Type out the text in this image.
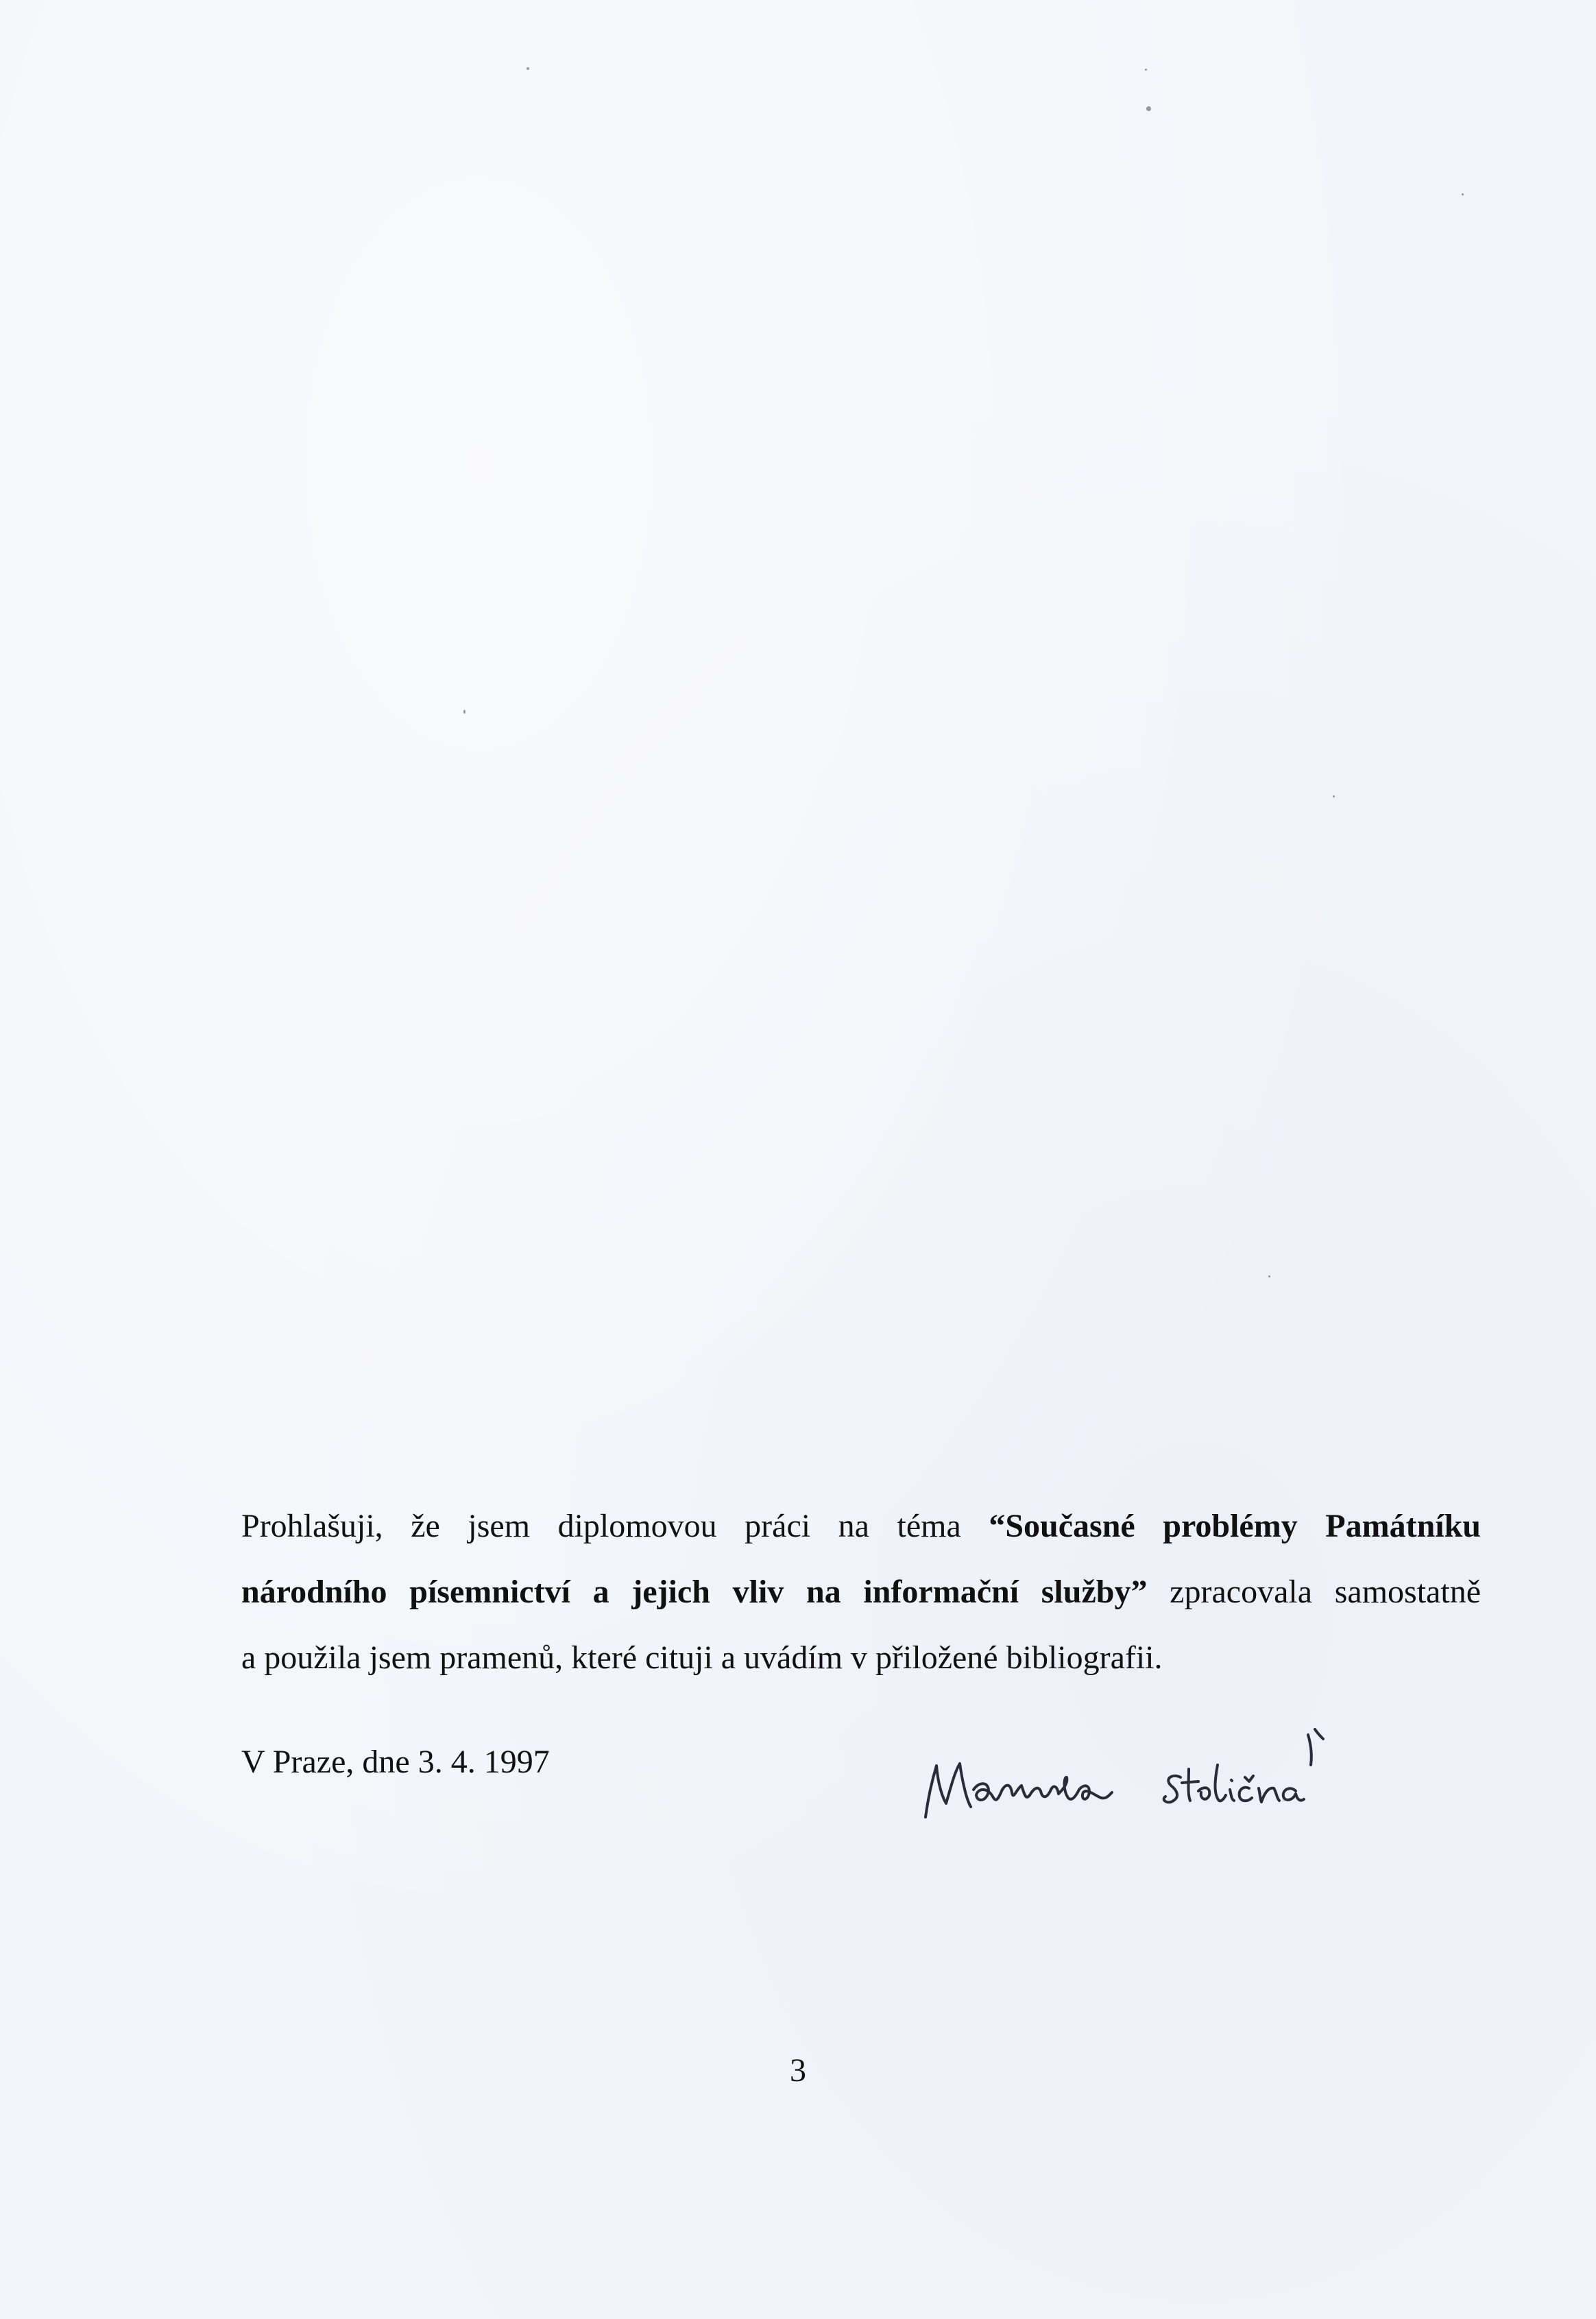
Prohlašuji, že jsem diplomovou práci na téma “Současné problémy Památníku
národního písemnictví a jejich vliv na informační služby” zpracovala samostatně
a použila jsem pramenů, které cituji a uvádím v přiložené bibliografii.
V Praze, dne 3. 4. 1997
3
